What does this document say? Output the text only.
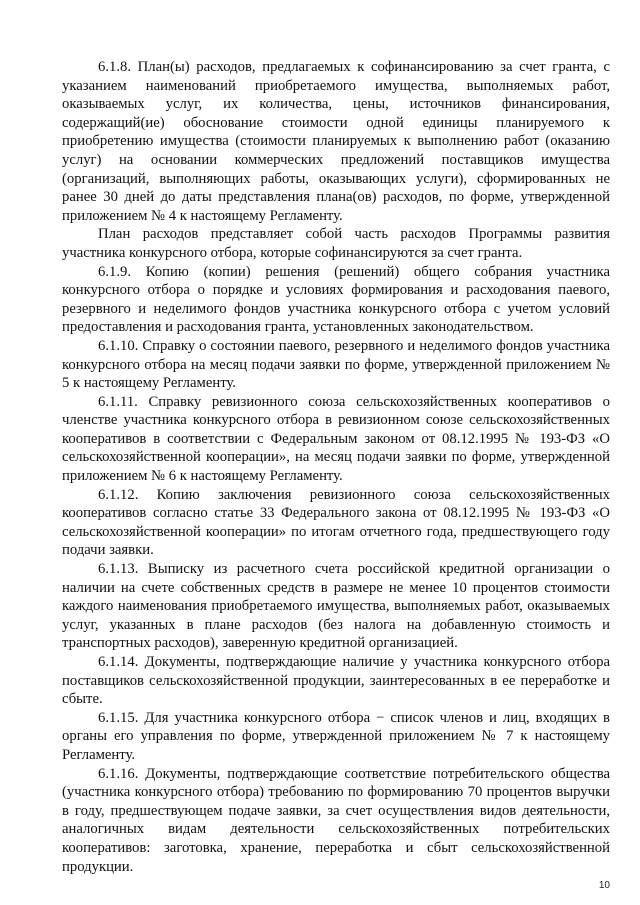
6.1.8. План(ы) расходов, предлагаемых к софинансированию за счет гранта, с указанием наименований приобретаемого имущества, выполняемых работ, оказываемых услуг, их количества, цены, источников финансирования, содержащий(ие) обоснование стоимости одной единицы планируемого к приобретению имущества (стоимости планируемых к выполнению работ (оказанию услуг) на основании коммерческих предложений поставщиков имущества (организаций, выполняющих работы, оказывающих услуги), сформированных не ранее 30 дней до даты представления плана(ов) расходов, по форме, утвержденной приложением № 4 к настоящему Регламенту.

План расходов представляет собой часть расходов Программы развития участника конкурсного отбора, которые софинансируются за счет гранта.

6.1.9. Копию (копии) решения (решений) общего собрания участника конкурсного отбора о порядке и условиях формирования и расходования паевого, резервного и неделимого фондов участника конкурсного отбора с учетом условий предоставления и расходования гранта, установленных законодательством.

6.1.10. Справку о состоянии паевого, резервного и неделимого фондов участника конкурсного отбора на месяц подачи заявки по форме, утвержденной приложением № 5 к настоящему Регламенту.

6.1.11. Справку ревизионного союза сельскохозяйственных кооперативов о членстве участника конкурсного отбора в ревизионном союзе сельскохозяйственных кооперативов в соответствии с Федеральным законом от 08.12.1995 № 193-ФЗ «О сельскохозяйственной кооперации», на месяц подачи заявки по форме, утвержденной приложением № 6 к настоящему Регламенту.

6.1.12. Копию заключения ревизионного союза сельскохозяйственных кооперативов согласно статье 33 Федерального закона от 08.12.1995 № 193-ФЗ «О сельскохозяйственной кооперации» по итогам отчетного года, предшествующего году подачи заявки.

6.1.13. Выписку из расчетного счета российской кредитной организации о наличии на счете собственных средств в размере не менее 10 процентов стоимости каждого наименования приобретаемого имущества, выполняемых работ, оказываемых услуг, указанных в плане расходов (без налога на добавленную стоимость и транспортных расходов), заверенную кредитной организацией.

6.1.14. Документы, подтверждающие наличие у участника конкурсного отбора поставщиков сельскохозяйственной продукции, заинтересованных в ее переработке и сбыте.

6.1.15. Для участника конкурсного отбора − список членов и лиц, входящих в органы его управления по форме, утвержденной приложением № 7 к настоящему Регламенту.

6.1.16. Документы, подтверждающие соответствие потребительского общества (участника конкурсного отбора) требованию по формированию 70 процентов выручки в году, предшествующем подаче заявки, за счет осуществления видов деятельности, аналогичных видам деятельности сельскохозяйственных потребительских кооперативов: заготовка, хранение, переработка и сбыт сельскохозяйственной продукции.

10
